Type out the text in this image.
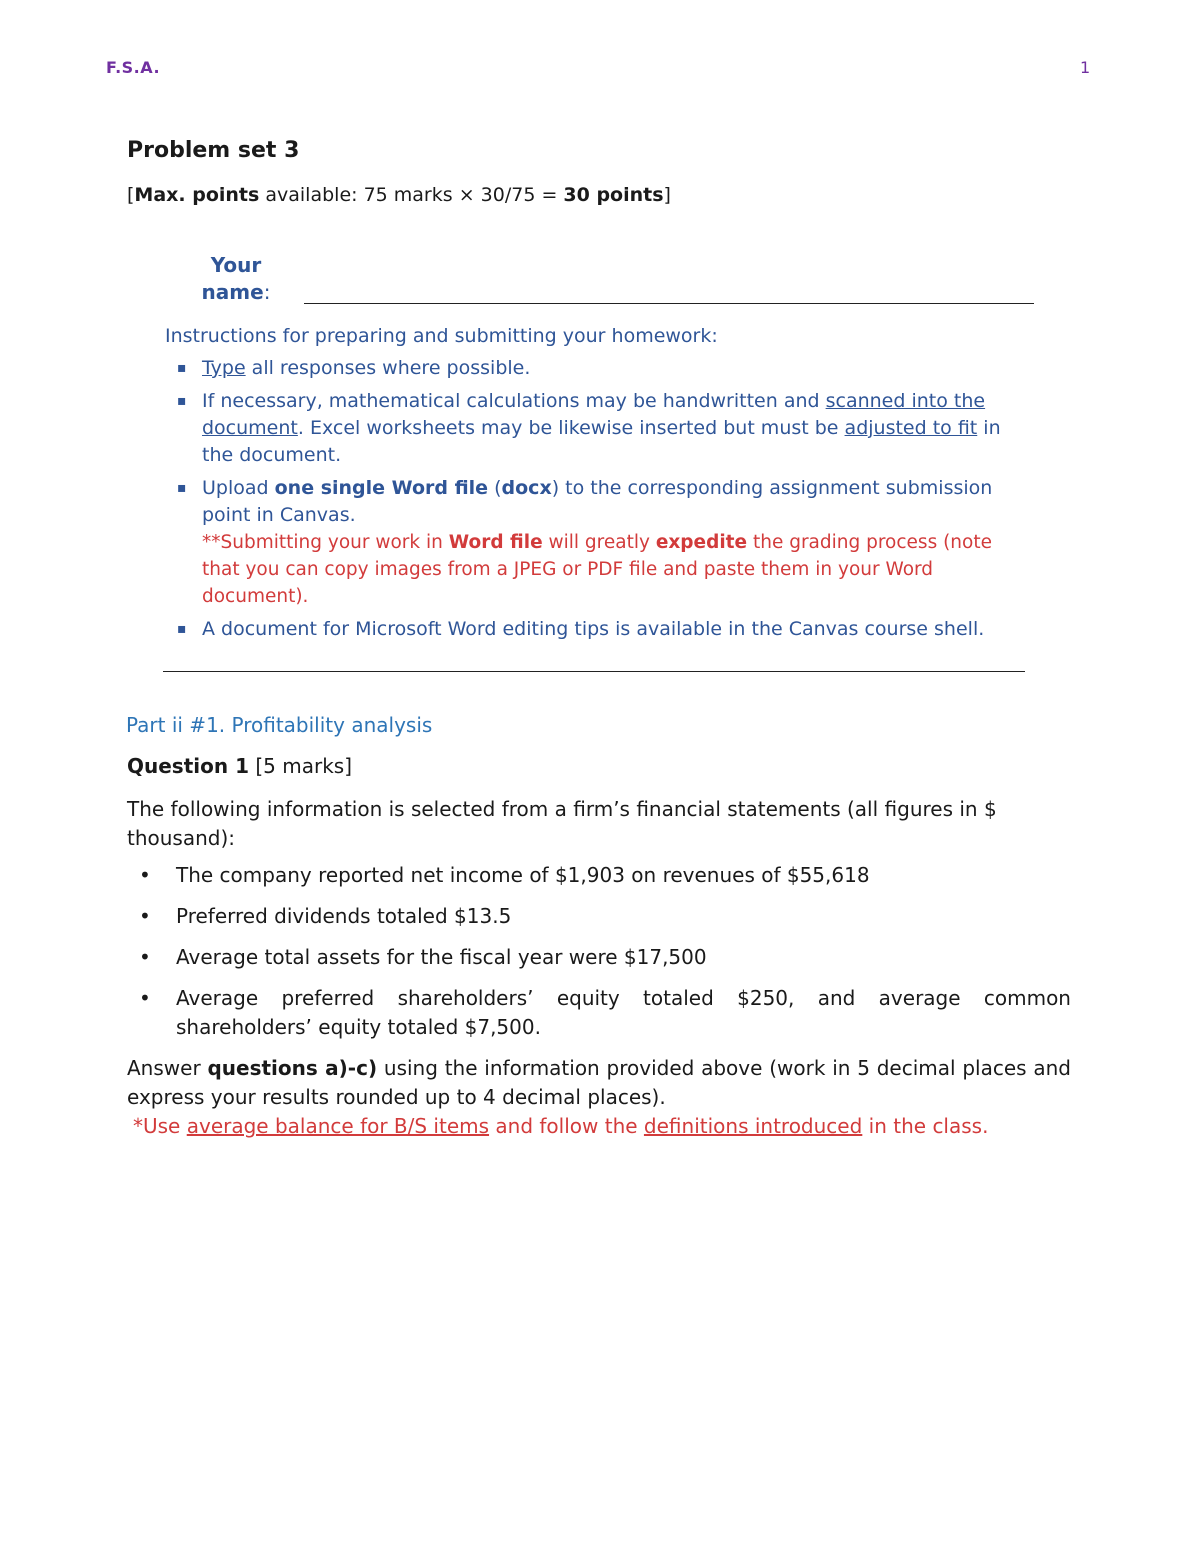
F.S.A.	1
Problem set 3
[Max. points available: 75 marks × 30/75 = 30 points]
Your name:

Instructions for preparing and submitting your homework:

▪ Type all responses where possible.
▪ If necessary, mathematical calculations may be handwritten and scanned into the document. Excel worksheets may be likewise inserted but must be adjusted to fit in the document.
▪ Upload one single Word file (docx) to the corresponding assignment submission point in Canvas.
**Submitting your work in Word file will greatly expedite the grading process (note that you can copy images from a JPEG or PDF file and paste them in your Word document).
▪ A document for Microsoft Word editing tips is available in the Canvas course shell.
Part ii #1. Profitability analysis
Question 1 [5 marks]

The following information is selected from a firm’s financial statements (all figures in $ thousand):

• The company reported net income of $1,903 on revenues of $55,618
• Preferred dividends totaled $13.5
• Average total assets for the fiscal year were $17,500
• Average preferred shareholders’ equity totaled $250, and average common shareholders’ equity totaled $7,500.

Answer questions a)-c) using the information provided above (work in 5 decimal places and express your results rounded up to 4 decimal places).

*Use average balance for B/S items and follow the definitions introduced in the class.
